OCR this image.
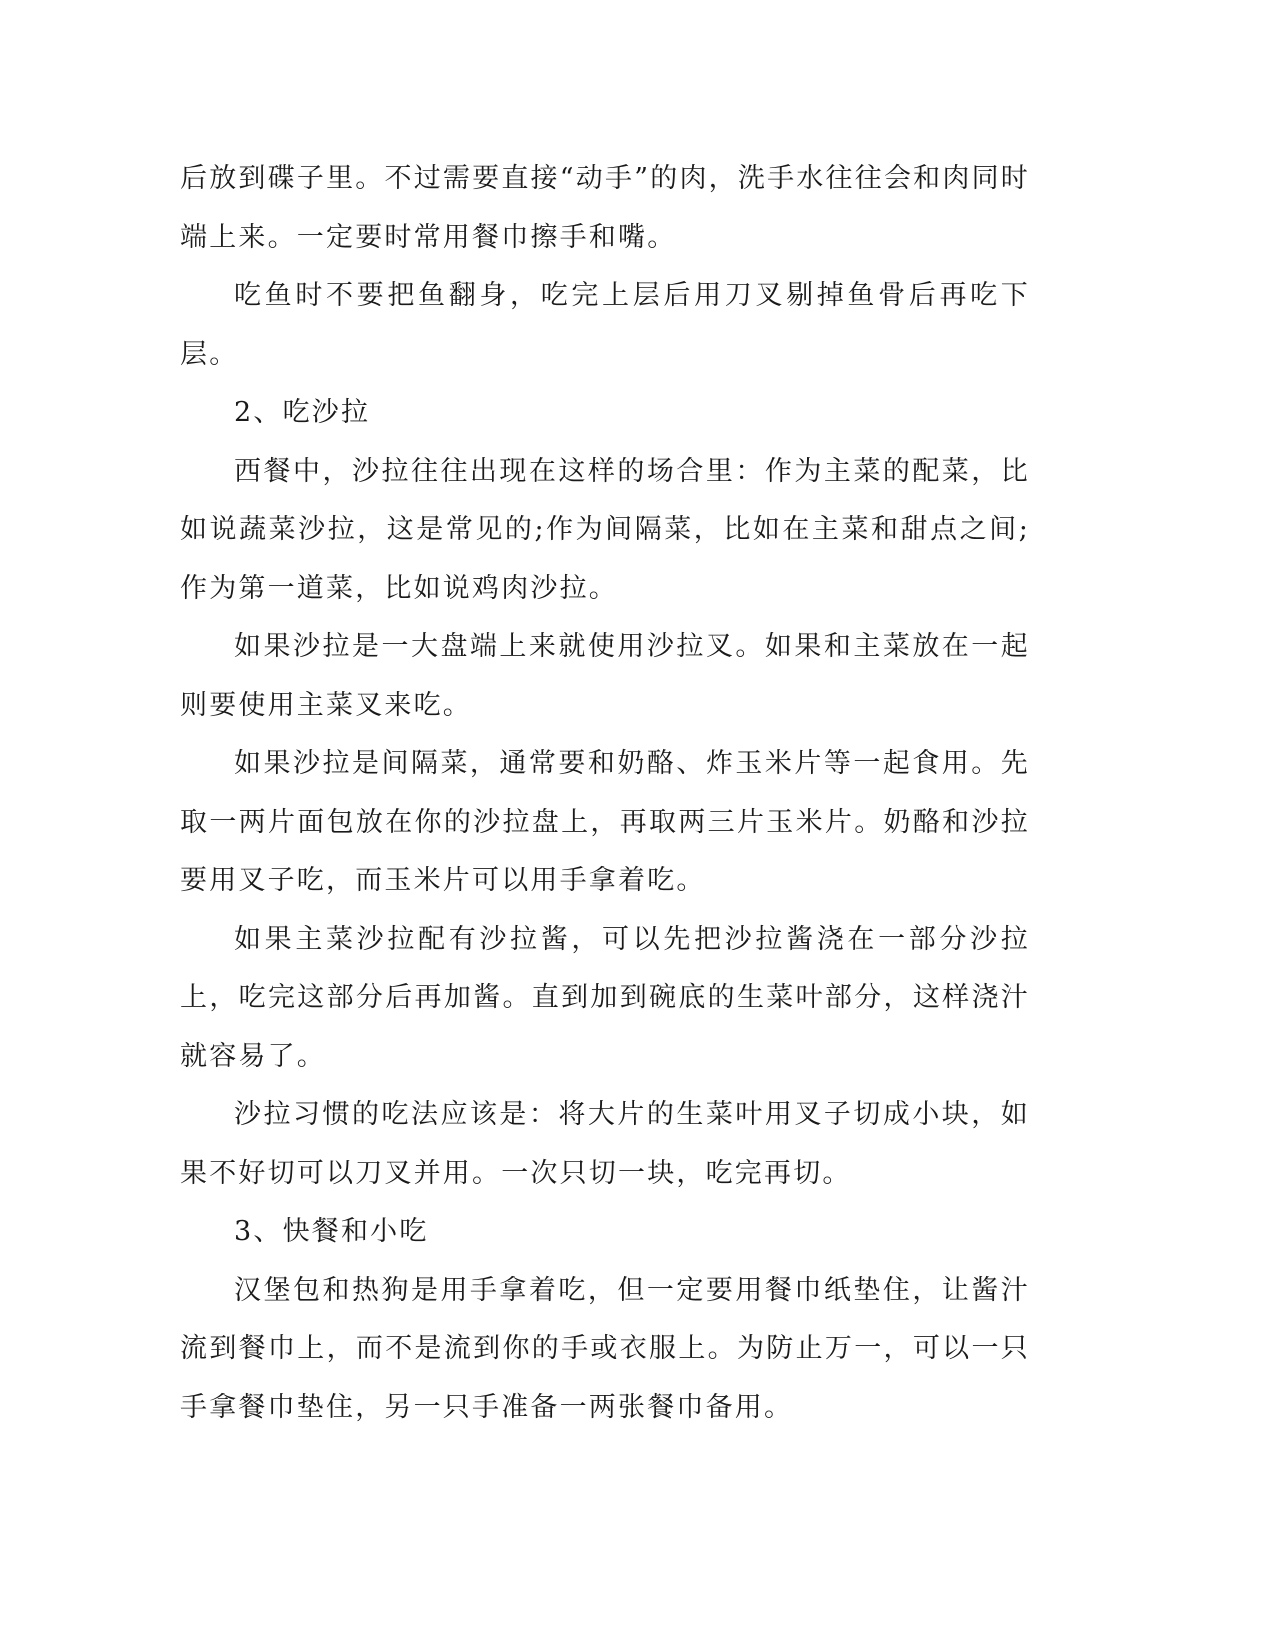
后放到碟子里。不过需要直接“动手”的肉，洗手水往往会和肉同时端上来。一定要时常用餐巾擦手和嘴。

吃鱼时不要把鱼翻身，吃完上层后用刀叉剔掉鱼骨后再吃下层。

2、吃沙拉

西餐中，沙拉往往出现在这样的场合里：作为主菜的配菜，比如说蔬菜沙拉，这是常见的;作为间隔菜，比如在主菜和甜点之间;作为第一道菜，比如说鸡肉沙拉。

如果沙拉是一大盘端上来就使用沙拉叉。如果和主菜放在一起则要使用主菜叉来吃。

如果沙拉是间隔菜，通常要和奶酪、炸玉米片等一起食用。先取一两片面包放在你的沙拉盘上，再取两三片玉米片。奶酪和沙拉要用叉子吃，而玉米片可以用手拿着吃。

如果主菜沙拉配有沙拉酱，可以先把沙拉酱浇在一部分沙拉上，吃完这部分后再加酱。直到加到碗底的生菜叶部分，这样浇汁就容易了。

沙拉习惯的吃法应该是：将大片的生菜叶用叉子切成小块，如果不好切可以刀叉并用。一次只切一块，吃完再切。

3、快餐和小吃

汉堡包和热狗是用手拿着吃，但一定要用餐巾纸垫住，让酱汁流到餐巾上，而不是流到你的手或衣服上。为防止万一，可以一只手拿餐巾垫住，另一只手准备一两张餐巾备用。
